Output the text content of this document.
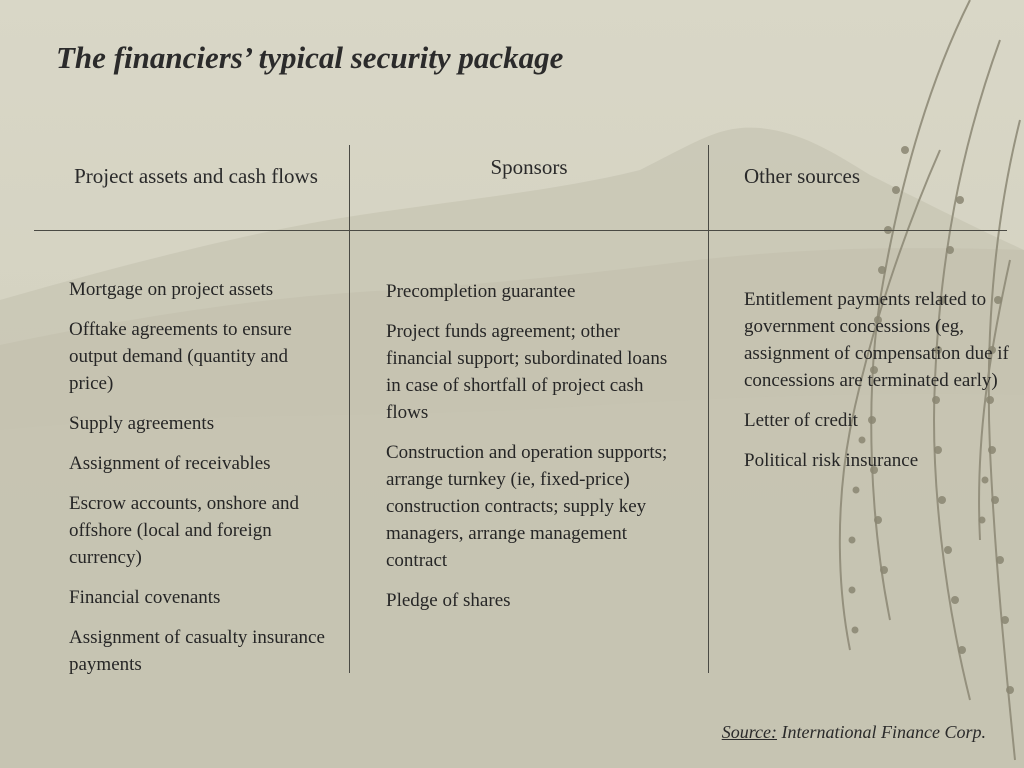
The financiers’ typical security package
Project assets and cash flows	Sponsors	Other sources
Mortgage on project assets
Offtake agreements to ensure output demand (quantity and price)
Supply agreements
Assignment of receivables
Escrow accounts, onshore and offshore (local and foreign currency)
Financial covenants
Assignment of casualty insurance payments
Precompletion guarantee
Project funds agreement; other financial support; subordinated loans in case of shortfall of project cash flows
Construction and operation supports; arrange turnkey (ie, fixed-price) construction contracts; supply key managers, arrange management contract
Pledge of shares
Entitlement payments related to government concessions (eg, assignment of compensation due if concessions are terminated early)
Letter of credit
Political risk insurance
Source: International Finance Corp.
